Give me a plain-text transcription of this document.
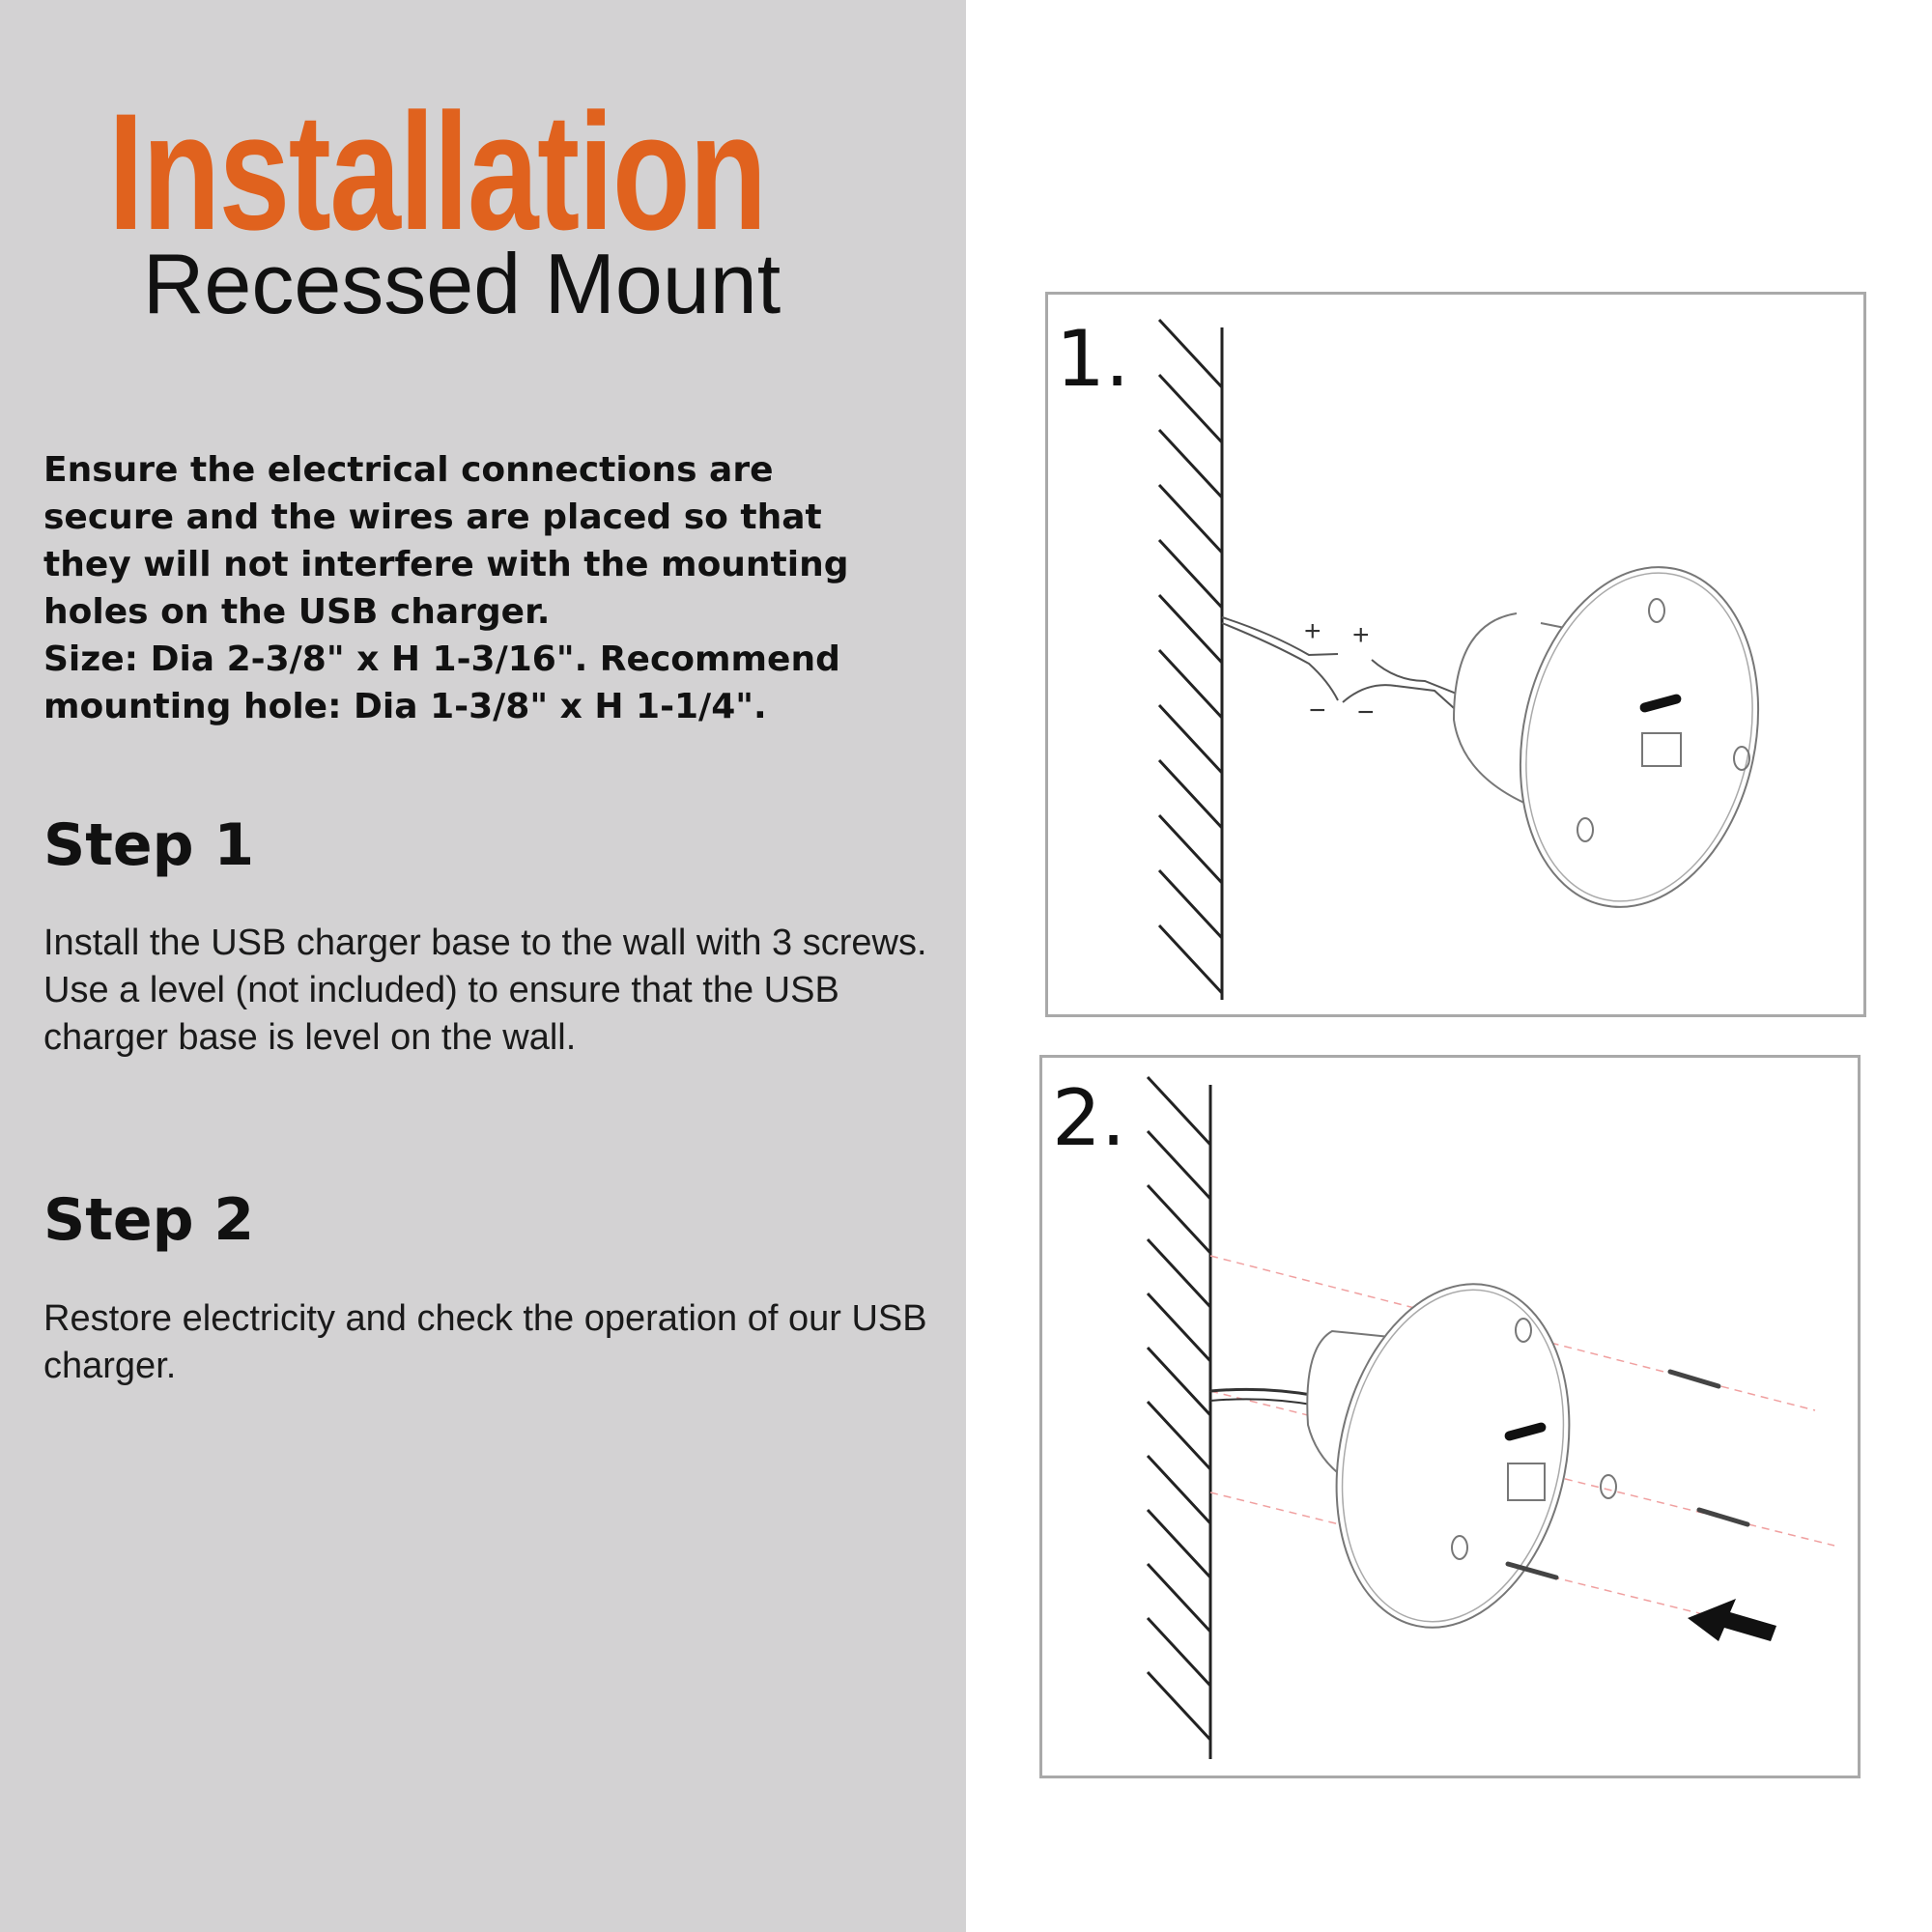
Installation
Recessed Mount
Ensure the electrical connections are
secure and the wires are placed so that
they will not interfere with the mounting
holes on the USB charger.
Size: Dia 2-3/8" x H 1-3/16". Recommend
mounting hole: Dia 1-3/8" x H 1-1/4".
Step 1
Install the USB charger base to the wall with 3 screws. Use a level (not included) to ensure that the USB charger base is level on the wall.
Step 2
Restore electricity and check the operation of our USB charger.
1.
+ +
− −
2.
